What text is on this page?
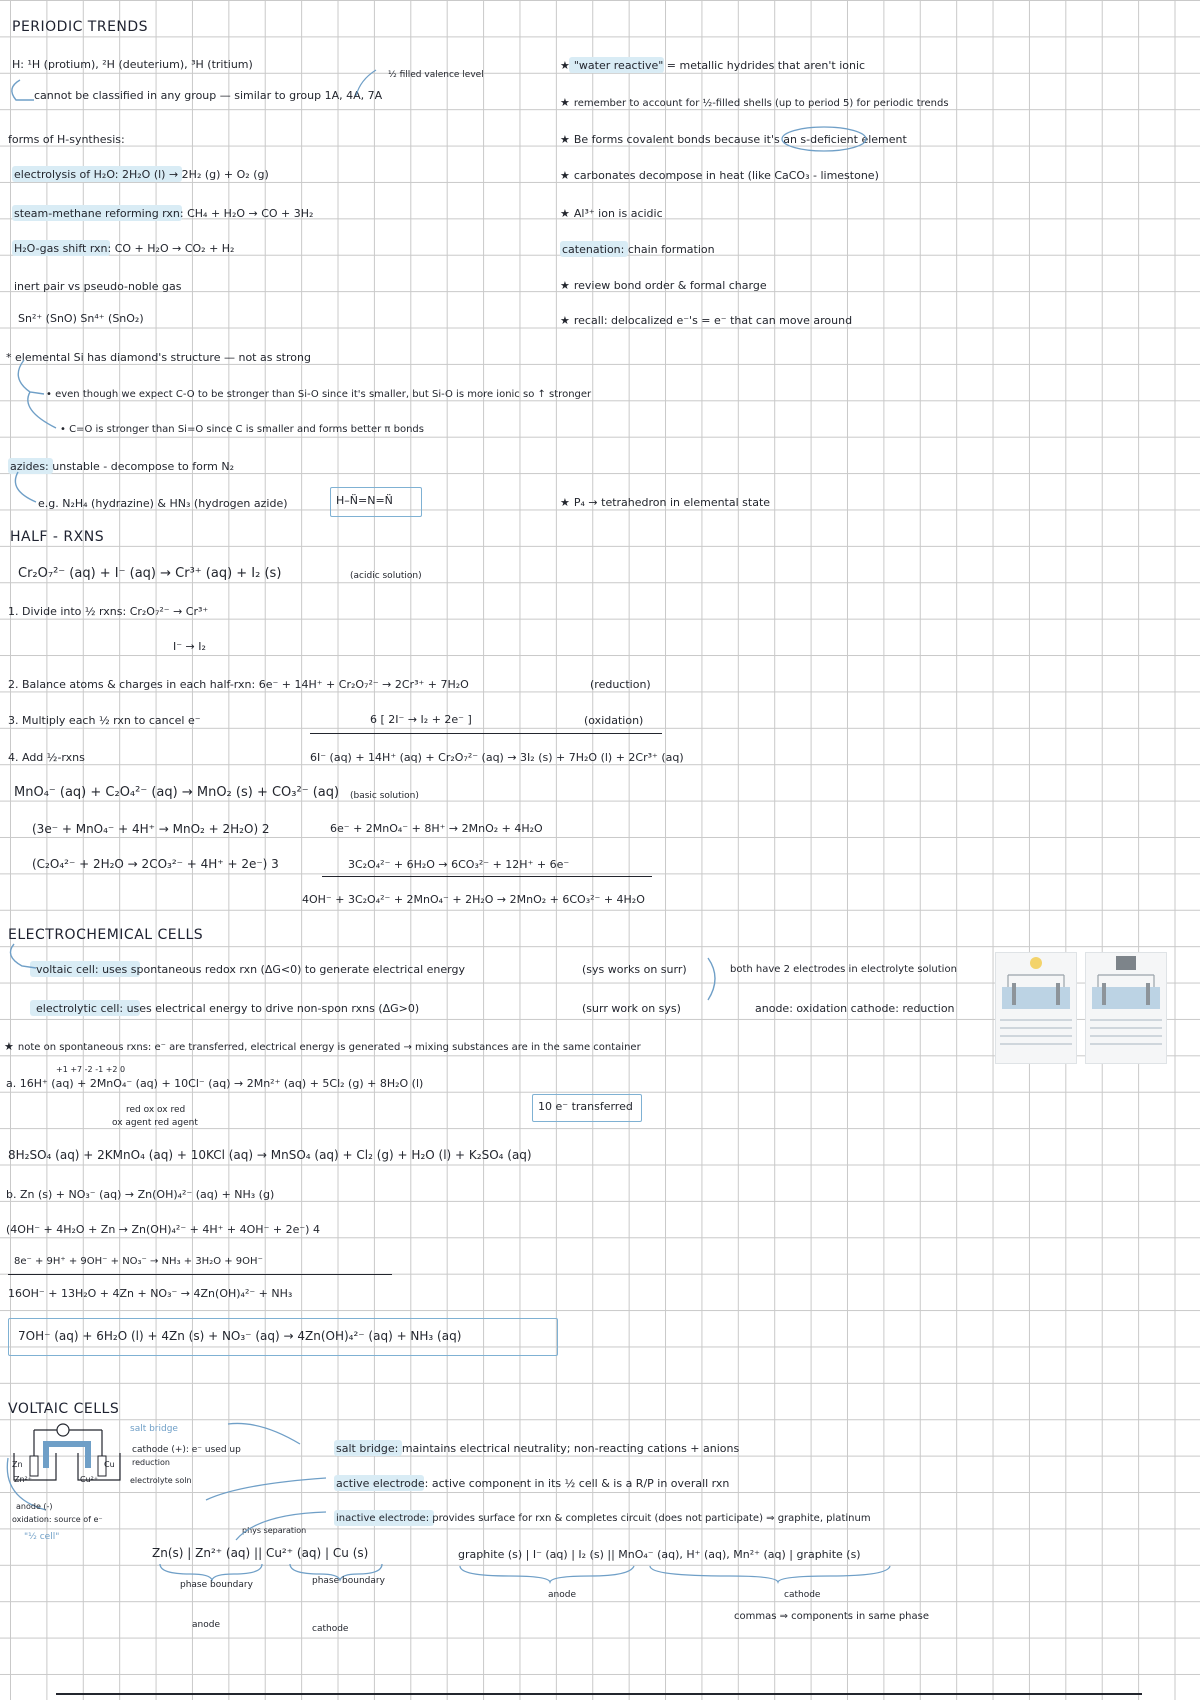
PERIODIC TRENDS
H: ¹H (protium), ²H (deuterium), ³H (tritium)
½ filled valence level
cannot be classified in any group — similar to group 1A, 4A, 7A
forms of H-synthesis:
electrolysis of H₂O: 2H₂O (l) → 2H₂ (g) + O₂ (g)
steam-methane reforming rxn: CH₄ + H₂O → CO + 3H₂
H₂O-gas shift rxn: CO + H₂O → CO₂ + H₂
inert pair vs pseudo-noble gas
Sn²⁺ (SnO) Sn⁴⁺ (SnO₂)
* elemental Si has diamond's structure — not as strong
• even though we expect C-O to be stronger than Si-O since it's smaller, but Si-O is more ionic so ↑ stronger
• C=O is stronger than Si=O since C is smaller and forms better π bonds
azides: unstable - decompose to form N₂
e.g. N₂H₄ (hydrazine) & HN₃ (hydrogen azide)	H–N̈=N=N̈
★ "water reactive" = metallic hydrides that aren't ionic
★ remember to account for ½-filled shells (up to period 5) for periodic trends
★ Be forms covalent bonds because it's an s-deficient element
★ carbonates decompose in heat (like CaCO₃ - limestone)
★ Al³⁺ ion is acidic
catenation: chain formation
★ review bond order & formal charge
★ recall: delocalized e⁻'s = e⁻ that can move around
★ P₄ → tetrahedron in elemental state
HALF - RXNS
Cr₂O₇²⁻ (aq) + I⁻ (aq) → Cr³⁺ (aq) + I₂ (s)	(acidic solution)
1. Divide into ½ rxns: Cr₂O₇²⁻ → Cr³⁺
I⁻ → I₂
2. Balance atoms & charges in each half-rxn: 6e⁻ + 14H⁺ + Cr₂O₇²⁻ → 2Cr³⁺ + 7H₂O	(reduction)
3. Multiply each ½ rxn to cancel e⁻	6 [ 2I⁻ → I₂ + 2e⁻ ]	(oxidation)
4. Add ½-rxns	6I⁻ (aq) + 14H⁺ (aq) + Cr₂O₇²⁻ (aq) → 3I₂ (s) + 7H₂O (l) + 2Cr³⁺ (aq)
MnO₄⁻ (aq) + C₂O₄²⁻ (aq) → MnO₂ (s) + CO₃²⁻ (aq) (basic solution)
(3e⁻ + MnO₄⁻ + 4H⁺ → MnO₂ + 2H₂O) 2	6e⁻ + 2MnO₄⁻ + 8H⁺ → 2MnO₂ + 4H₂O
(C₂O₄²⁻ + 2H₂O → 2CO₃²⁻ + 4H⁺ + 2e⁻) 3	3C₂O₄²⁻ + 6H₂O → 6CO₃²⁻ + 12H⁺ + 6e⁻
4OH⁻ + 3C₂O₄²⁻ + 2MnO₄⁻ + 2H₂O → 2MnO₂ + 6CO₃²⁻ + 4H₂O
ELECTROCHEMICAL CELLS
voltaic cell: uses spontaneous redox rxn (ΔG<0) to generate electrical energy	(sys works on surr)	both have 2 electrodes in electrolyte solution
electrolytic cell: uses electrical energy to drive non-spon rxns (ΔG>0)	(surr work on sys)	anode: oxidation cathode: reduction
★ note on spontaneous rxns: e⁻ are transferred, electrical energy is generated → mixing substances are in the same container
+1 +7 -2 -1 +2 0
a. 16H⁺ (aq) + 2MnO₄⁻ (aq) + 10Cl⁻ (aq) → 2Mn²⁺ (aq) + 5Cl₂ (g) + 8H₂O (l)
red ox ox red
ox agent red agent
10 e⁻ transferred
8H₂SO₄ (aq) + 2KMnO₄ (aq) + 10KCl (aq) → MnSO₄ (aq) + Cl₂ (g) + H₂O (l) + K₂SO₄ (aq)
b. Zn (s) + NO₃⁻ (aq) → Zn(OH)₄²⁻ (aq) + NH₃ (g)
(4OH⁻ + 4H₂O + Zn → Zn(OH)₄²⁻ + 4H⁺ + 4OH⁻ + 2e⁻) 4
8e⁻ + 9H⁺ + 9OH⁻ + NO₃⁻ → NH₃ + 3H₂O + 9OH⁻
16OH⁻ + 13H₂O + 4Zn + NO₃⁻ → 4Zn(OH)₄²⁻ + NH₃
7OH⁻ (aq) + 6H₂O (l) + 4Zn (s) + NO₃⁻ (aq) → 4Zn(OH)₄²⁻ (aq) + NH₃ (aq)
VOLTAIC CELLS
Zn
Zn²⁺	Cu²⁺
Cu
salt bridge
cathode (+): e⁻ used up
reduction
electrolyte soln
anode (-)
oxidation: source of e⁻
"½ cell"
salt bridge: maintains electrical neutrality; non-reacting cations + anions
active electrode: active component in its ½ cell & is a R/P in overall rxn
inactive electrode: provides surface for rxn & completes circuit (does not participate) ⇒ graphite, platinum
phys separation
Zn(s) | Zn²⁺ (aq) || Cu²⁺ (aq) | Cu (s)
phase boundary	phase boundary
anode	cathode
graphite (s) | I⁻ (aq) | I₂ (s) || MnO₄⁻ (aq), H⁺ (aq), Mn²⁺ (aq) | graphite (s)
anode	cathode
commas ⇒ components in same phase
